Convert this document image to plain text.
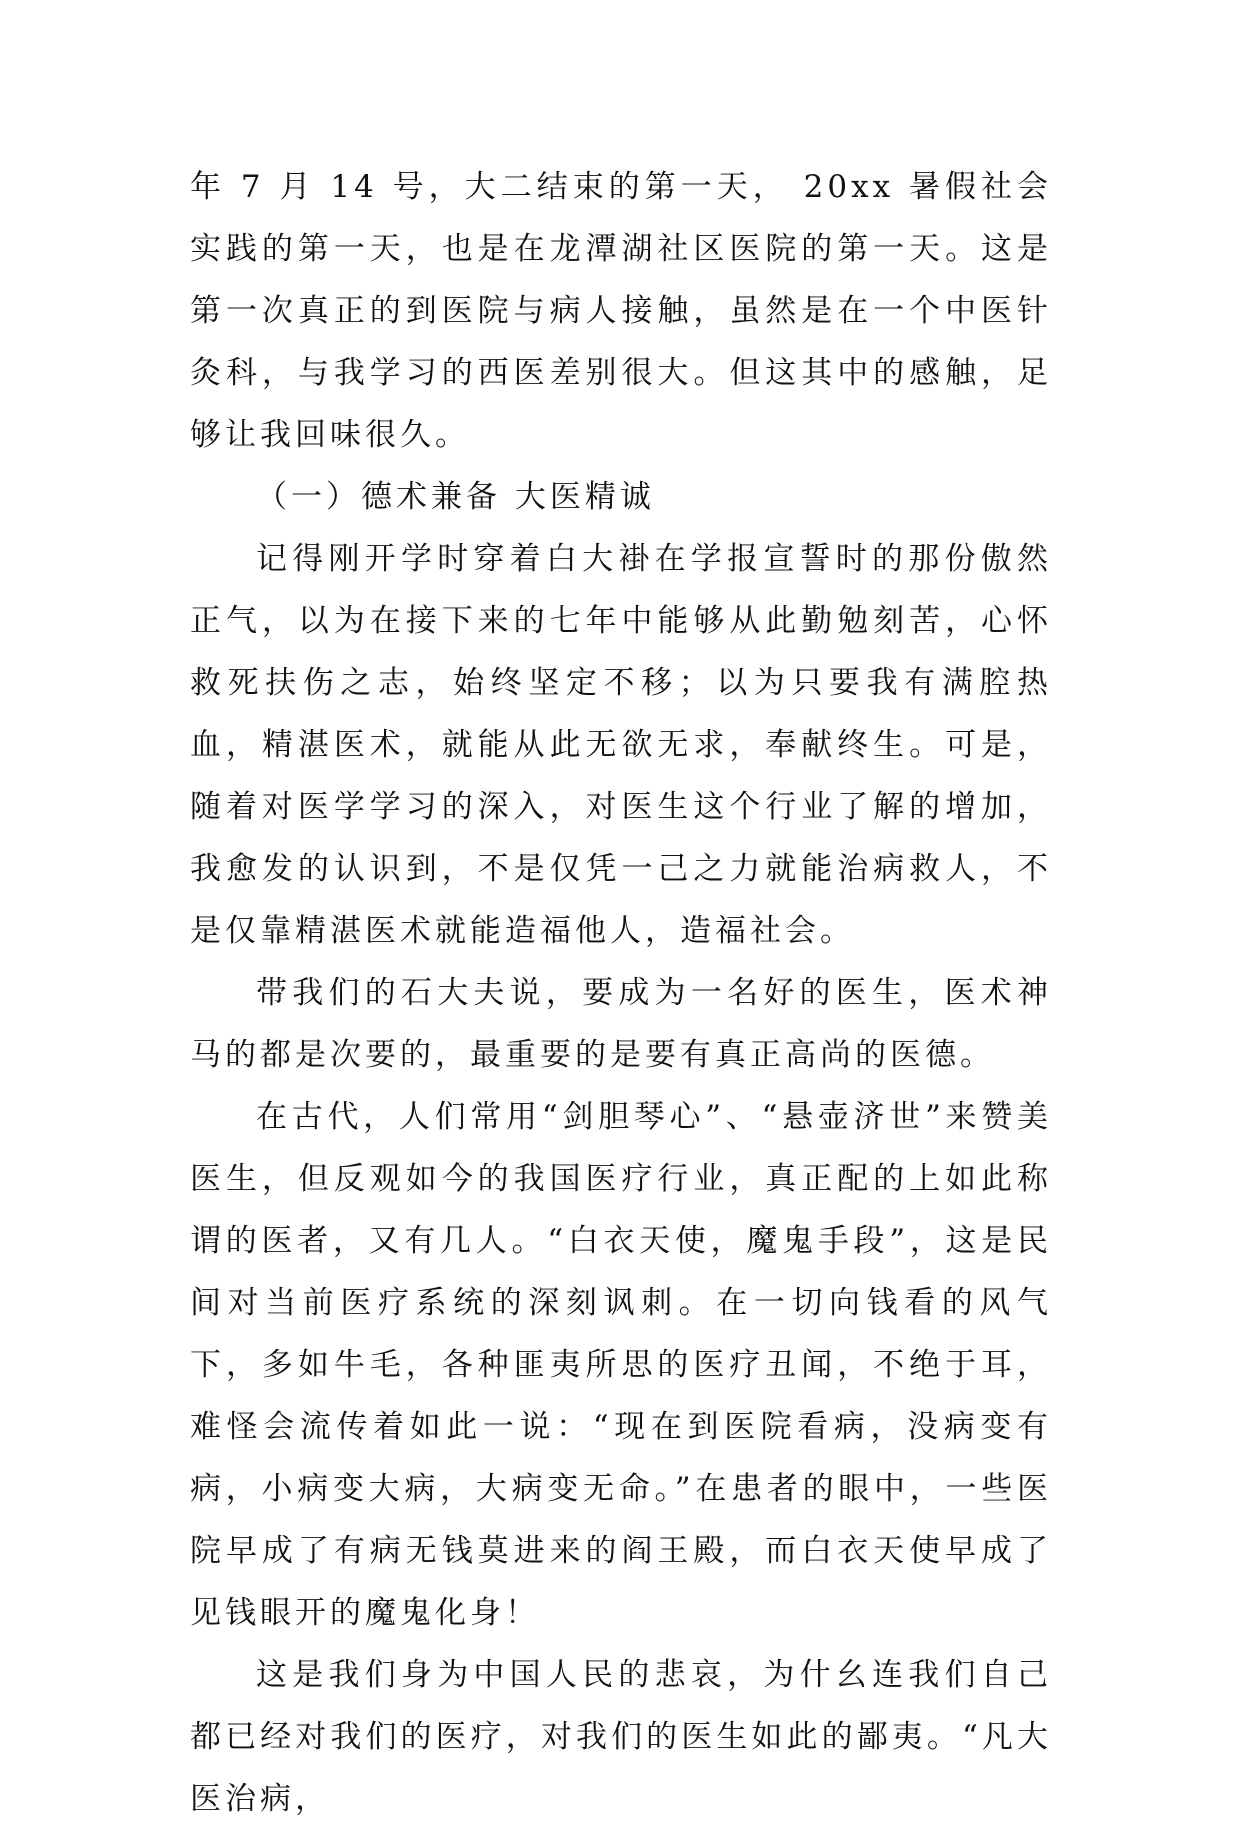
年 7 月 14 号，大二结束的第一天， 20xx 暑假社会实践的第一天，也是在龙潭湖社区医院的第一天。这是第一次真正的到医院与病人接触，虽然是在一个中医针灸科，与我学习的西医差别很大。但这其中的感触，足够让我回味很久。

（一）德术兼备 大医精诚

记得刚开学时穿着白大褂在学报宣誓时的那份傲然正气，以为在接下来的七年中能够从此勤勉刻苦，心怀救死扶伤之志，始终坚定不移；以为只要我有满腔热血，精湛医术，就能从此无欲无求，奉献终生。可是，随着对医学学习的深入，对医生这个行业了解的增加，我愈发的认识到，不是仅凭一己之力就能治病救人，不是仅靠精湛医术就能造福他人，造福社会。

带我们的石大夫说，要成为一名好的医生，医术神马的都是次要的，最重要的是要有真正高尚的医德。

在古代，人们常用“剑胆琴心”、“悬壶济世”来赞美医生，但反观如今的我国医疗行业，真正配的上如此称谓的医者，又有几人。“白衣天使，魔鬼手段”，这是民间对当前医疗系统的深刻讽刺。在一切向钱看的风气下，多如牛毛，各种匪夷所思的医疗丑闻，不绝于耳，难怪会流传着如此一说：“现在到医院看病，没病变有病，小病变大病，大病变无命。”在患者的眼中，一些医院早成了有病无钱莫进来的阎王殿，而白衣天使早成了见钱眼开的魔鬼化身！

这是我们身为中国人民的悲哀，为什幺连我们自己都已经对我们的医疗，对我们的医生如此的鄙夷。“凡大医治病，
